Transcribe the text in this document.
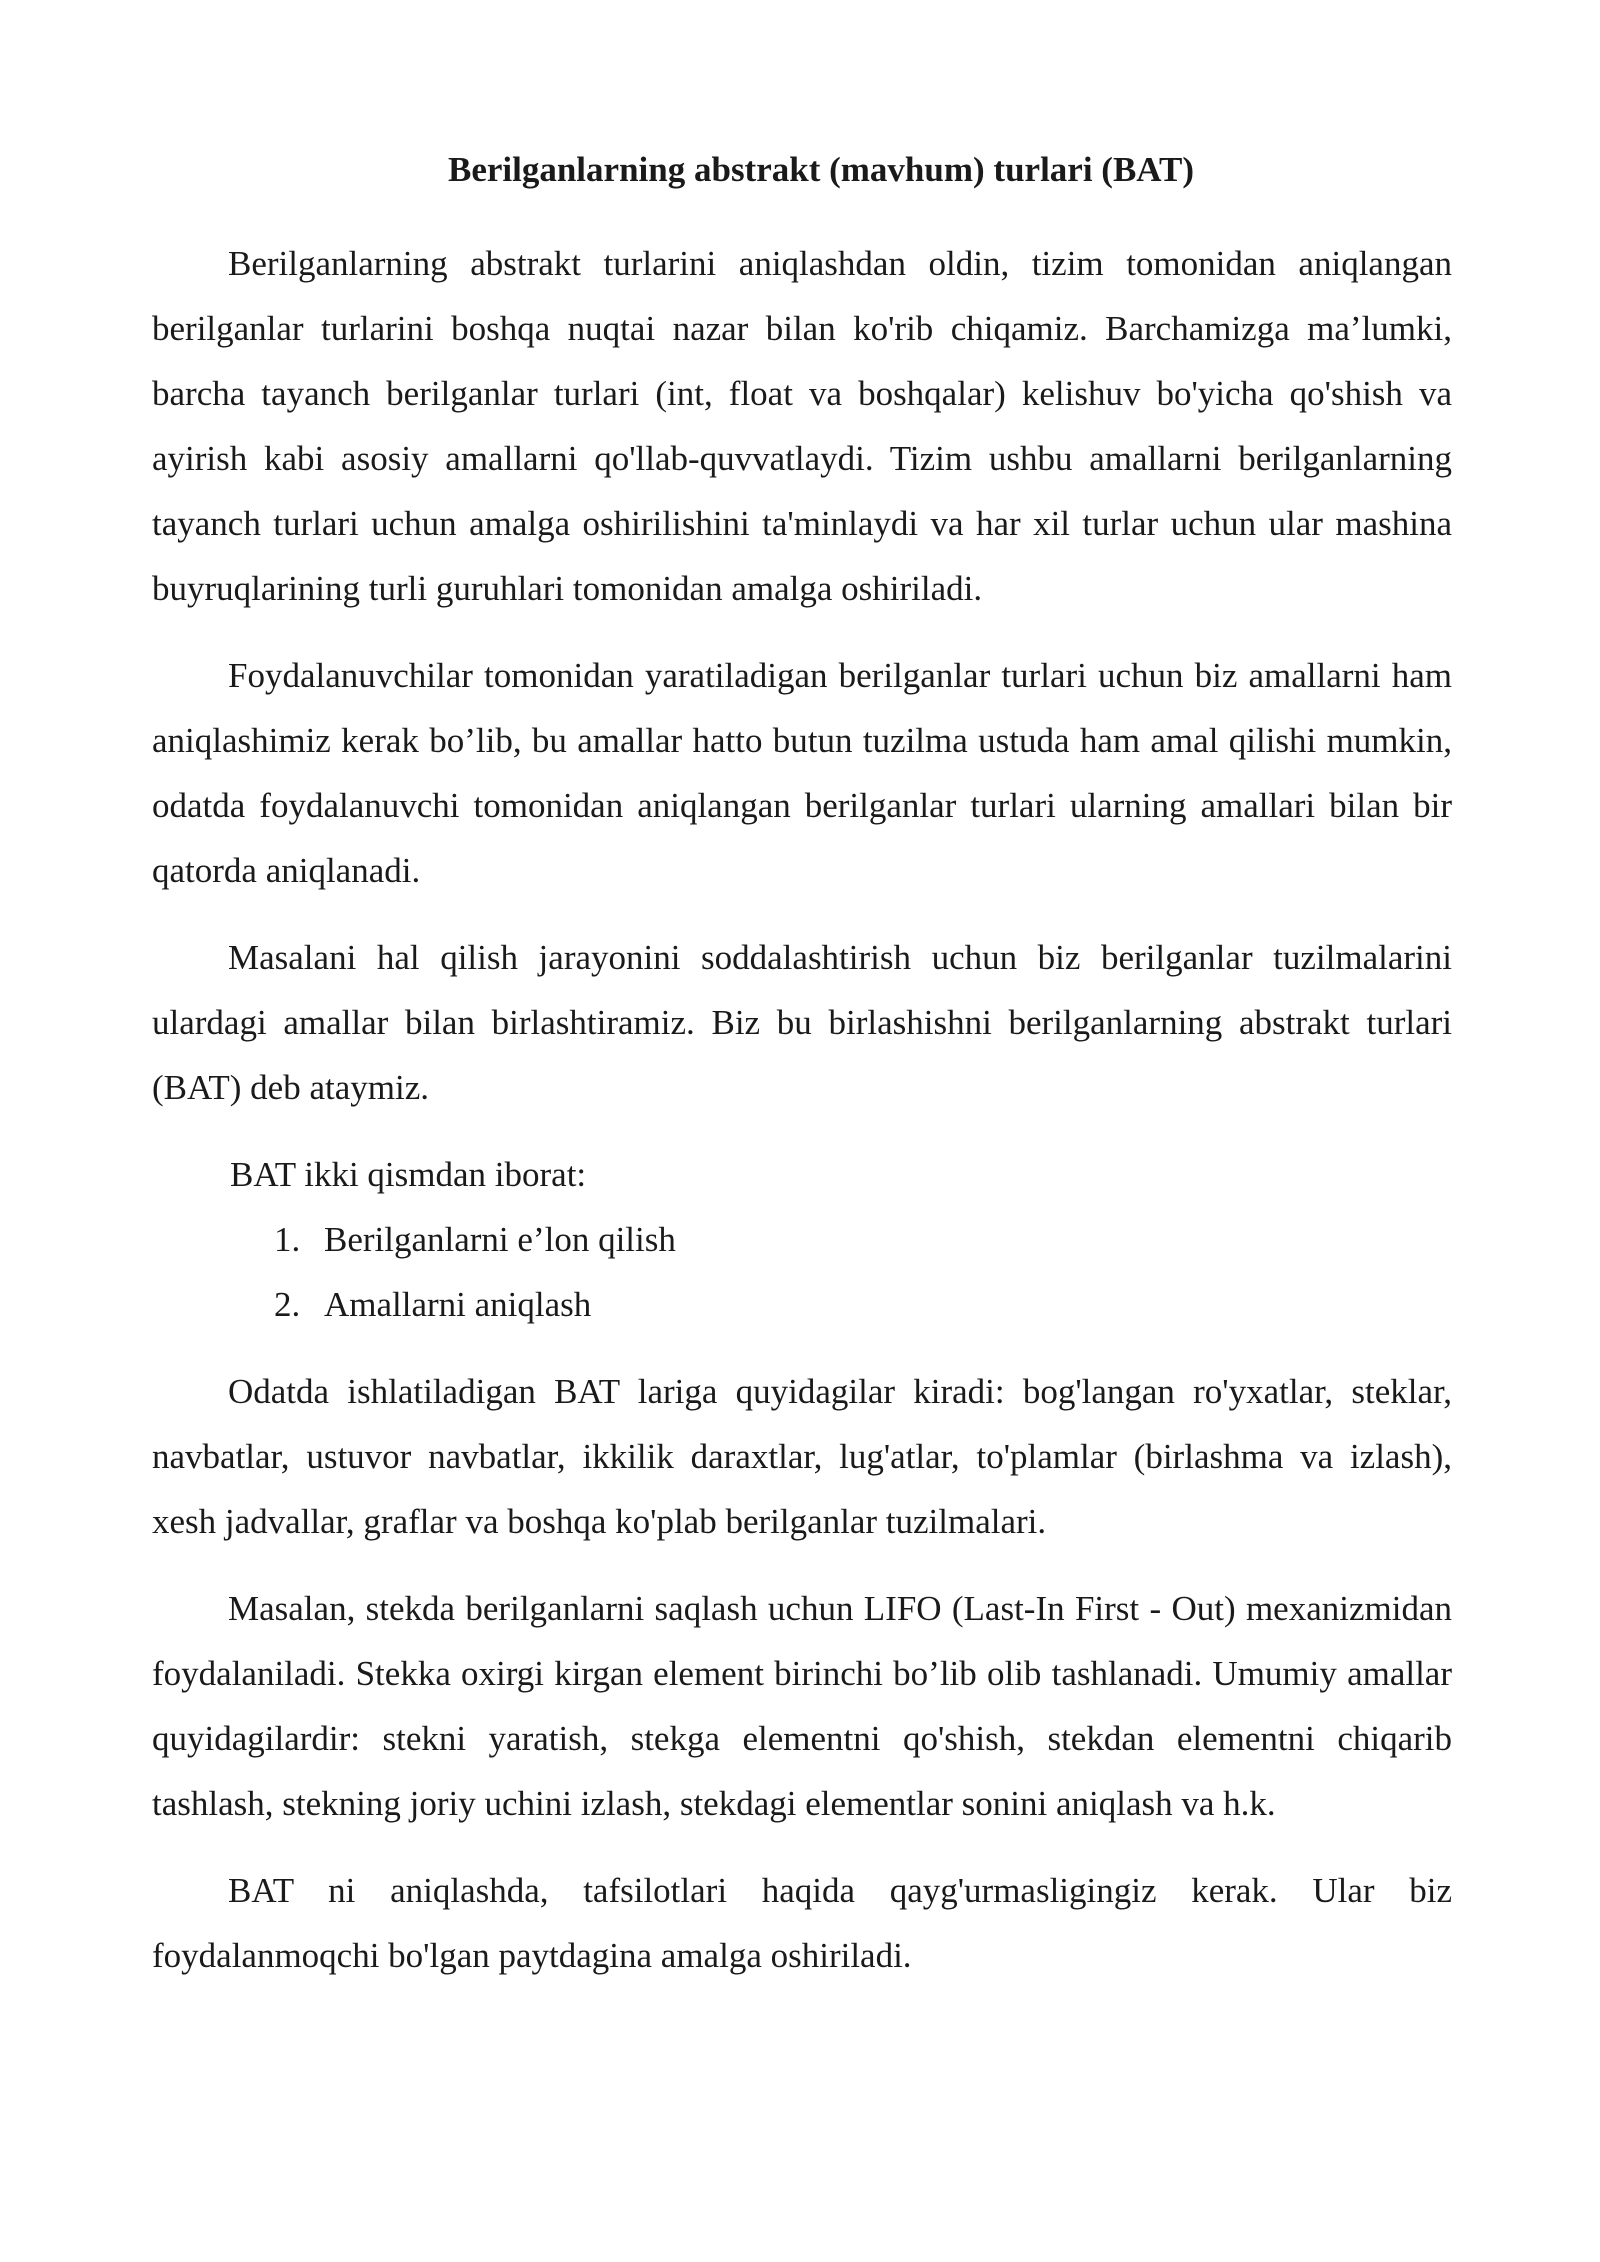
Berilganlarning abstrakt (mavhum) turlari (BAT)

Berilganlarning abstrakt turlarini aniqlashdan oldin, tizim tomonidan aniqlangan berilganlar turlarini boshqa nuqtai nazar bilan ko'rib chiqamiz. Barchamizga ma’lumki, barcha tayanch berilganlar turlari (int, float va boshqalar) kelishuv bo'yicha qo'shish va ayirish kabi asosiy amallarni qo'llab-quvvatlaydi. Tizim ushbu amallarni berilganlarning tayanch turlari uchun amalga oshirilishini ta'minlaydi va har xil turlar uchun ular mashina buyruqlarining turli guruhlari tomonidan amalga oshiriladi.

Foydalanuvchilar tomonidan yaratiladigan berilganlar turlari uchun biz amallarni ham aniqlashimiz kerak bo’lib, bu amallar hatto butun tuzilma ustuda ham amal qilishi mumkin, odatda foydalanuvchi tomonidan aniqlangan berilganlar turlari ularning amallari bilan bir qatorda aniqlanadi.

Masalani hal qilish jarayonini soddalashtirish uchun biz berilganlar tuzilmalarini ulardagi amallar bilan birlashtiramiz. Biz bu birlashishni berilganlarning abstrakt turlari (BAT) deb ataymiz.

BAT ikki qismdan iborat:

1. Berilganlarni e’lon qilish
2. Amallarni aniqlash

Odatda ishlatiladigan BAT lariga quyidagilar kiradi: bog'langan ro'yxatlar, steklar, navbatlar, ustuvor navbatlar, ikkilik daraxtlar, lug'atlar, to'plamlar (birlashma va izlash), xesh jadvallar, graflar va boshqa ko'plab berilganlar tuzilmalari.

Masalan, stekda berilganlarni saqlash uchun LIFO (Last-In First - Out) mexanizmidan foydalaniladi. Stekka oxirgi kirgan element birinchi bo’lib olib tashlanadi. Umumiy amallar quyidagilardir: stekni yaratish, stekga elementni qo'shish, stekdan elementni chiqarib tashlash, stekning joriy uchini izlash, stekdagi elementlar sonini aniqlash va h.k.

BAT ni aniqlashda, tafsilotlari haqida qayg'urmasligingiz kerak. Ular biz foydalanmoqchi bo'lgan paytdagina amalga oshiriladi.
